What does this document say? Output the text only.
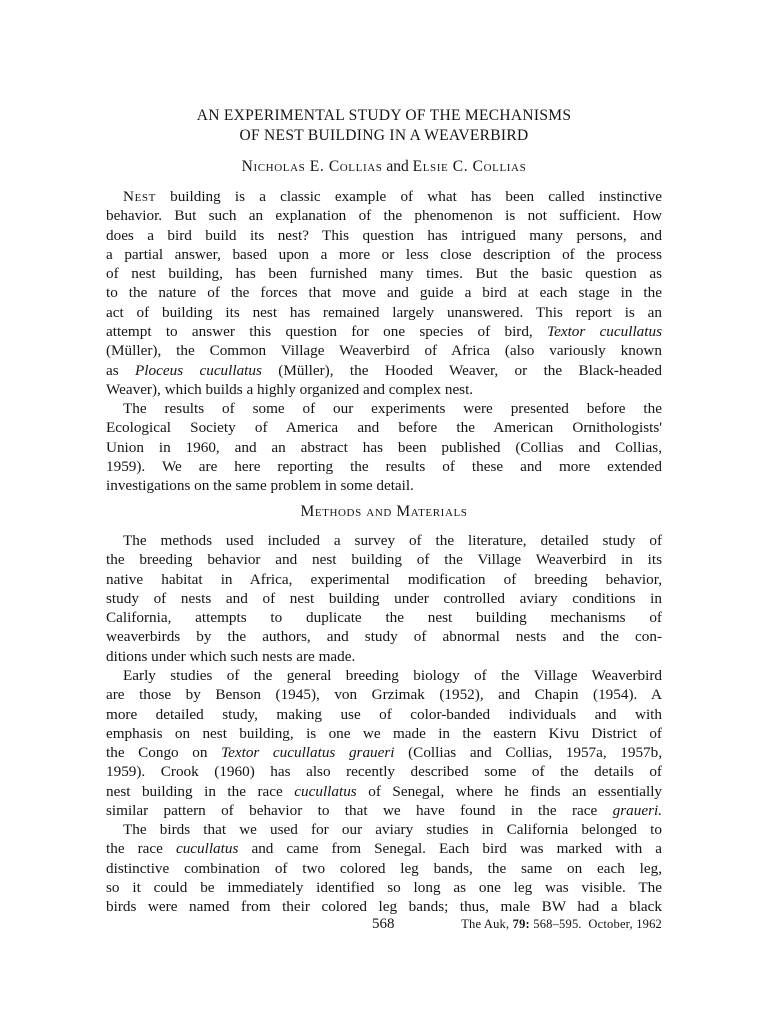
AN EXPERIMENTAL STUDY OF THE MECHANISMS
OF NEST BUILDING IN A WEAVERBIRD
Nicholas E. Collias and Elsie C. Collias
Nest building is a classic example of what has been called instinctive
behavior. But such an explanation of the phenomenon is not sufficient. How
does a bird build its nest? This question has intrigued many persons, and
a partial answer, based upon a more or less close description of the process
of nest building, has been furnished many times. But the basic question as
to the nature of the forces that move and guide a bird at each stage in the
act of building its nest has remained largely unanswered. This report is an
attempt to answer this question for one species of bird, Textor cucullatus
(Müller), the Common Village Weaverbird of Africa (also variously known
as Ploceus cucullatus (Müller), the Hooded Weaver, or the Black-headed
Weaver), which builds a highly organized and complex nest.
The results of some of our experiments were presented before the
Ecological Society of America and before the American Ornithologists'
Union in 1960, and an abstract has been published (Collias and Collias,
1959). We are here reporting the results of these and more extended
investigations on the same problem in some detail.
Methods and Materials
The methods used included a survey of the literature, detailed study of
the breeding behavior and nest building of the Village Weaverbird in its
native habitat in Africa, experimental modification of breeding behavior,
study of nests and of nest building under controlled aviary conditions in
California, attempts to duplicate the nest building mechanisms of
weaverbirds by the authors, and study of abnormal nests and the con-
ditions under which such nests are made.
Early studies of the general breeding biology of the Village Weaverbird
are those by Benson (1945), von Grzimak (1952), and Chapin (1954). A
more detailed study, making use of color-banded individuals and with
emphasis on nest building, is one we made in the eastern Kivu District of
the Congo on Textor cucullatus graueri (Collias and Collias, 1957a, 1957b,
1959). Crook (1960) has also recently described some of the details of
nest building in the race cucullatus of Senegal, where he finds an essentially
similar pattern of behavior to that we have found in the race graueri.
The birds that we used for our aviary studies in California belonged to
the race cucullatus and came from Senegal. Each bird was marked with a
distinctive combination of two colored leg bands, the same on each leg,
so it could be immediately identified so long as one leg was visible. The
birds were named from their colored leg bands; thus, male BW had a black
568	The Auk, 79: 568–595. October, 1962
